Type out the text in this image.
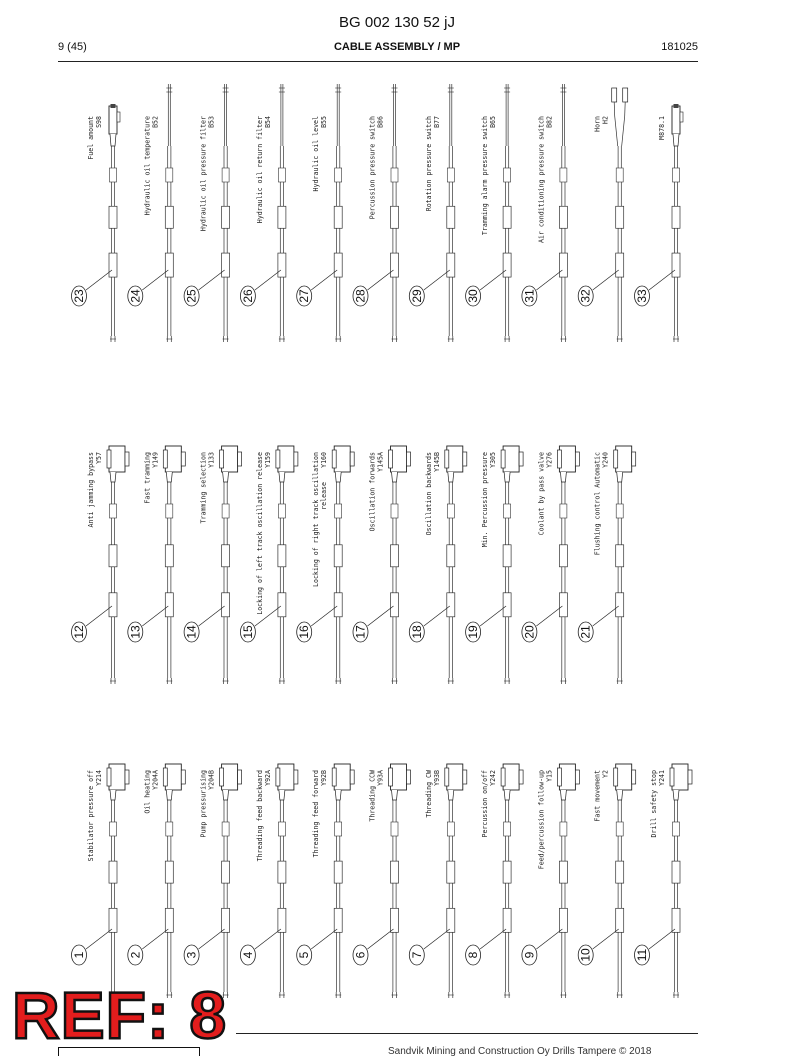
BG 002 130 52 jJ
9 (45)	CABLE ASSEMBLY / MP	181025
S98
Fuel amount
23
B52
Hydraulic oil temperature
24
B53
Hydraulic oil pressure filter
25
B54
Hydraulic oil return filter
26
B55
Hydraulic oil level
27
B86
Percussion pressure switch
28
B77
Rotation pressure switch
29
B65
Tramming alarm pressure switch
30
B82
Air conditioning pressure switch
31
H2
Horn
32
M878.1
33
Y57
Anti jamming bypass
12
Y149
Fast tramming
13
Y133
Tramming selection
14
Y159
Locking of left track oscillation release
15
Y160
Locking of right track oscillation release
16
Y145A
Oscillation forwards
17
Y145B
Oscillation backwards
18
Y305
Min. Percussion pressure
19
Y276
Coolant by pass valve
20
Y240
Flushing control Automatic
21
Y214
Stabilator pressure off
1
Y204A
Oil heating
2
Y204B
Pump pressurising
3
Y92A
Threading feed backward
4
Y92B
Threading feed forward
5
Y93A
Threading CCW
6
Y93B
Threading CW
7
Y242
Percussion on/off
8
Y15
Feed/percussion follow-up
9
Y2
Fast movement
10
Y241
Drill safety stop
11
Sandvik Mining and Construction Oy Drills Tampere © 2018
REF: 8
